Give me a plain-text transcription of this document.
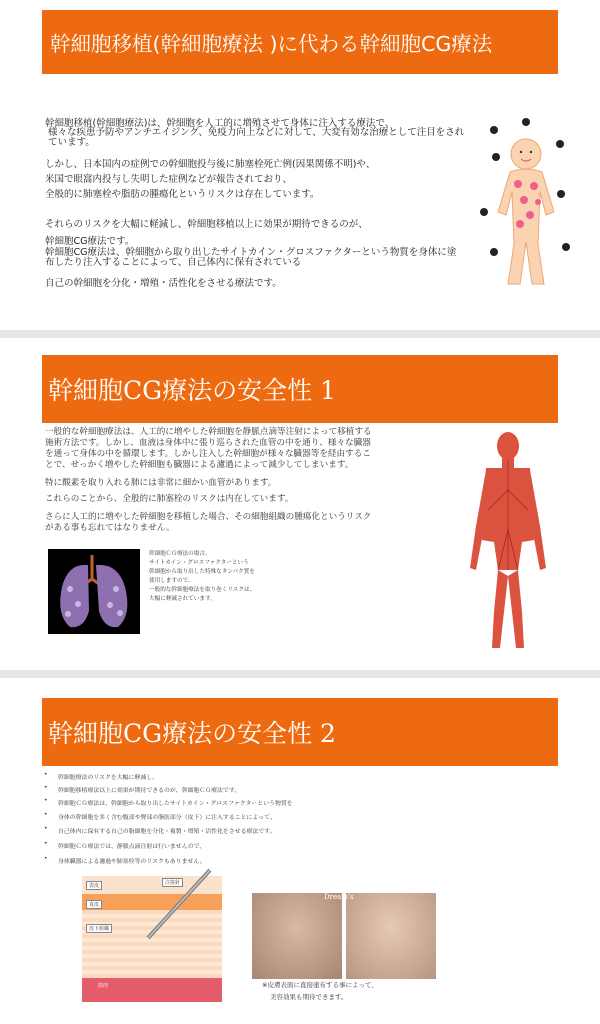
幹細胞移植(幹細胞療法 )に代わる幹細胞CG療法
幹細胞移植(幹細胞療法)は、幹細胞を人工的に増殖させて身体に注入する療法で、
様々な疾患予防やアンチエイジング、免疫力向上などに対して、大変有効な治療として注目をされています。
しかし、日本国内の症例での幹細胞投与後に肺塞栓死亡例(因果関係不明)や、
米国で眼窩内投与し失明した症例などが報告されており、
全般的に肺塞栓や脂肪の腫瘍化というリスクは存在しています。
それらのリスクを大幅に軽減し、幹細胞移植以上に効果が期待できるのが、
幹細胞CG療法です。
幹細胞CG療法は、幹細胞から取り出したサイトカイン・グロスファクターという物質を身体に塗布したり注入することによって、自己体内に保有されている
自己の幹細胞を分化・増殖・活性化をさせる療法です。
幹細胞CG療法の安全性 1
一般的な幹細胞療法は、人工的に増やした幹細胞を静脈点滴等注射によって移植する
施術方法です。しかし、血液は身体中に張り巡らされた血管の中を通り、様々な臓器
を通って身体の中を循環します。しかし注入した幹細胞が様々な臓器等を経由するこ
とで、せっかく増やした幹細胞も臓器による濾過によって減少してしまいます。
特に酸素を取り入れる肺には非常に細かい血管があります。
これらのことから、全般的に肺塞栓のリスクは内在しています。
さらに人工的に増やした幹細胞を移植した場合、その細胞組織の腫瘍化というリスク
がある事も忘れてはなりません。
幹細胞ＣＧ療法の場合、
サイトカイン・グロスファクターという
幹細胞から取り出した特殊なタンパク質を
使用しますので、
一般的な幹細胞療法を取り巻くリスクは、
大幅に軽減されています。
幹細胞CG療法の安全性 2
幹細胞療法のリスクを大幅に軽減し、
幹細胞移植療法以上に効果が期待できるのが、幹細胞ＣＧ療法です。
幹細胞ＣＧ療法は、幹細胞から取り出したサイトカイン・グロスファクターという物質を
身体の幹細胞を多く含む腹部や臀部の脂肪部分（皮下）に注入することによって、
自己体内に保有する自己の脂細胞を分化・複製・増殖・活性化をさせる療法です。
幹細胞ＣＧ療法では、静脈点滴注射は行いませんので、
身体臓器による濾過や肺塞栓等のリスクもありません。
表皮	注射針
真皮
皮下組織
筋肉
Dream's
※皮膚表面に直接塗布する事によって、
美容効果も期待できます。
